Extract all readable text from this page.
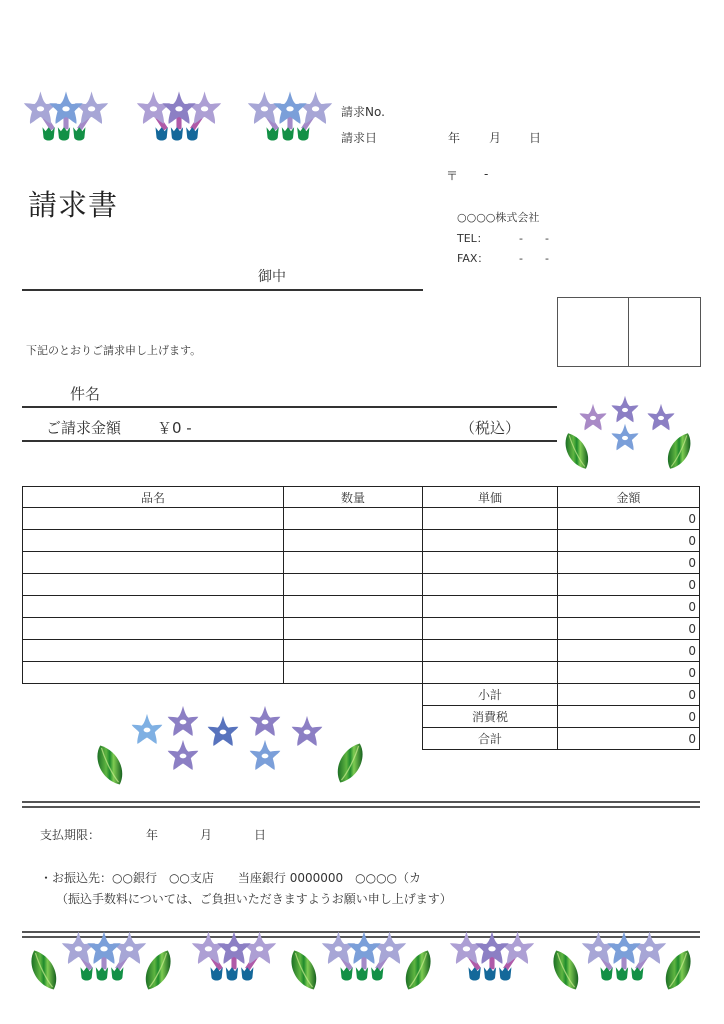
請求No.
請求日	年 月 日
〒 -
○○○○株式会社
TEL：	-　　-
FAX：	-　　-
請求書
御中
下記のとおりご請求申し上げます。
件名
ご請求金額 ￥0 -	（税込）
品名	数量	単価	金額
			0
			0
			0
			0
			0
			0
			0
			0
		小計	0
		消費税	0
		合計	0
支払期限：	年	月	日
・お振込先：○○銀行　○○支店　　当座銀行 0000000　○○○○（カ
（振込手数料については、ご負担いただきますようお願い申し上げます）
